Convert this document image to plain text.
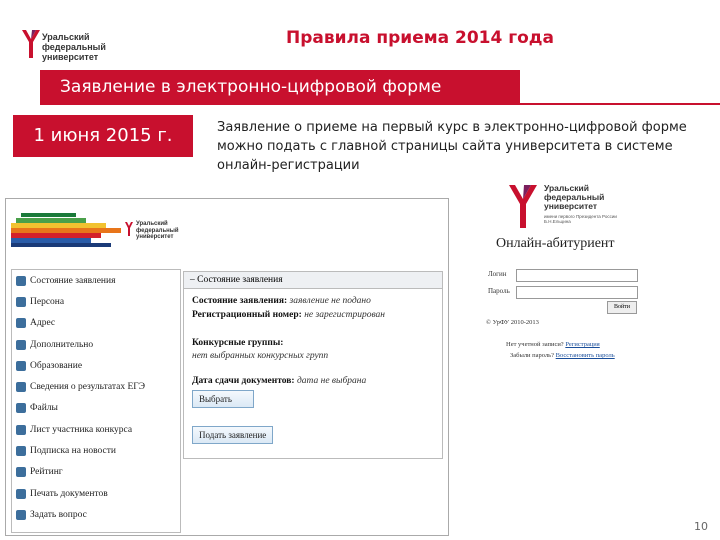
Уральский
федеральный
университет
Правила приема 2014 года
Заявление в электронно-цифровой форме
1 июня 2015 г.	Заявление о приеме на первый курс в электронно-цифровой форме можно подать с главной страницы сайта университета в системе онлайн-регистрации
Уральский
федеральный
университет
Состояние заявления
Персона
Адрес
Дополнительно
Образование
Сведения о результатах ЕГЭ
Файлы
Лист участника конкурса
Подписка на новости
Рейтинг
Печать документов
Задать вопрос
– Состояние заявления
Состояние заявления: заявление не подано
Регистрационный номер: не зарегистрирован
Конкурсные группы:
нет выбранных конкурсных групп
Дата сдачи документов: дата не выбрана
Выбрать
Подать заявление
Уральский
федеральный
университет
имени первого Президента России Б.Н.Ельцина
Онлайн-абитуриент
Логин
Пароль
Войти
© УрФУ 2010-2013
Нет учетной записи? Регистрация
Забыли пароль? Восстановить пароль
10
